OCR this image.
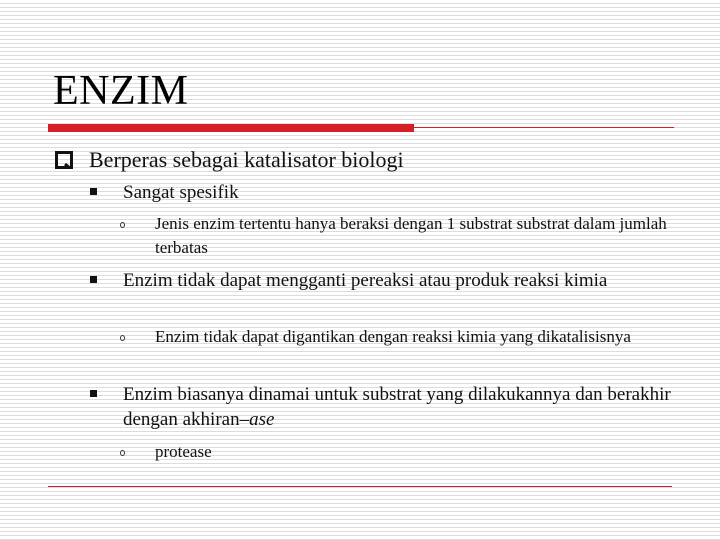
ENZIM
Berperas sebagai katalisator biologi
Sangat spesifik
Jenis enzim tertentu hanya beraksi dengan 1 substrat substrat dalam jumlah terbatas
Enzim tidak dapat mengganti pereaksi atau produk reaksi kimia
Enzim tidak dapat digantikan dengan reaksi kimia yang dikatalisisnya
Enzim biasanya dinamai untuk substrat yang dilakukannya dan berakhir dengan akhiran–ase
protease
